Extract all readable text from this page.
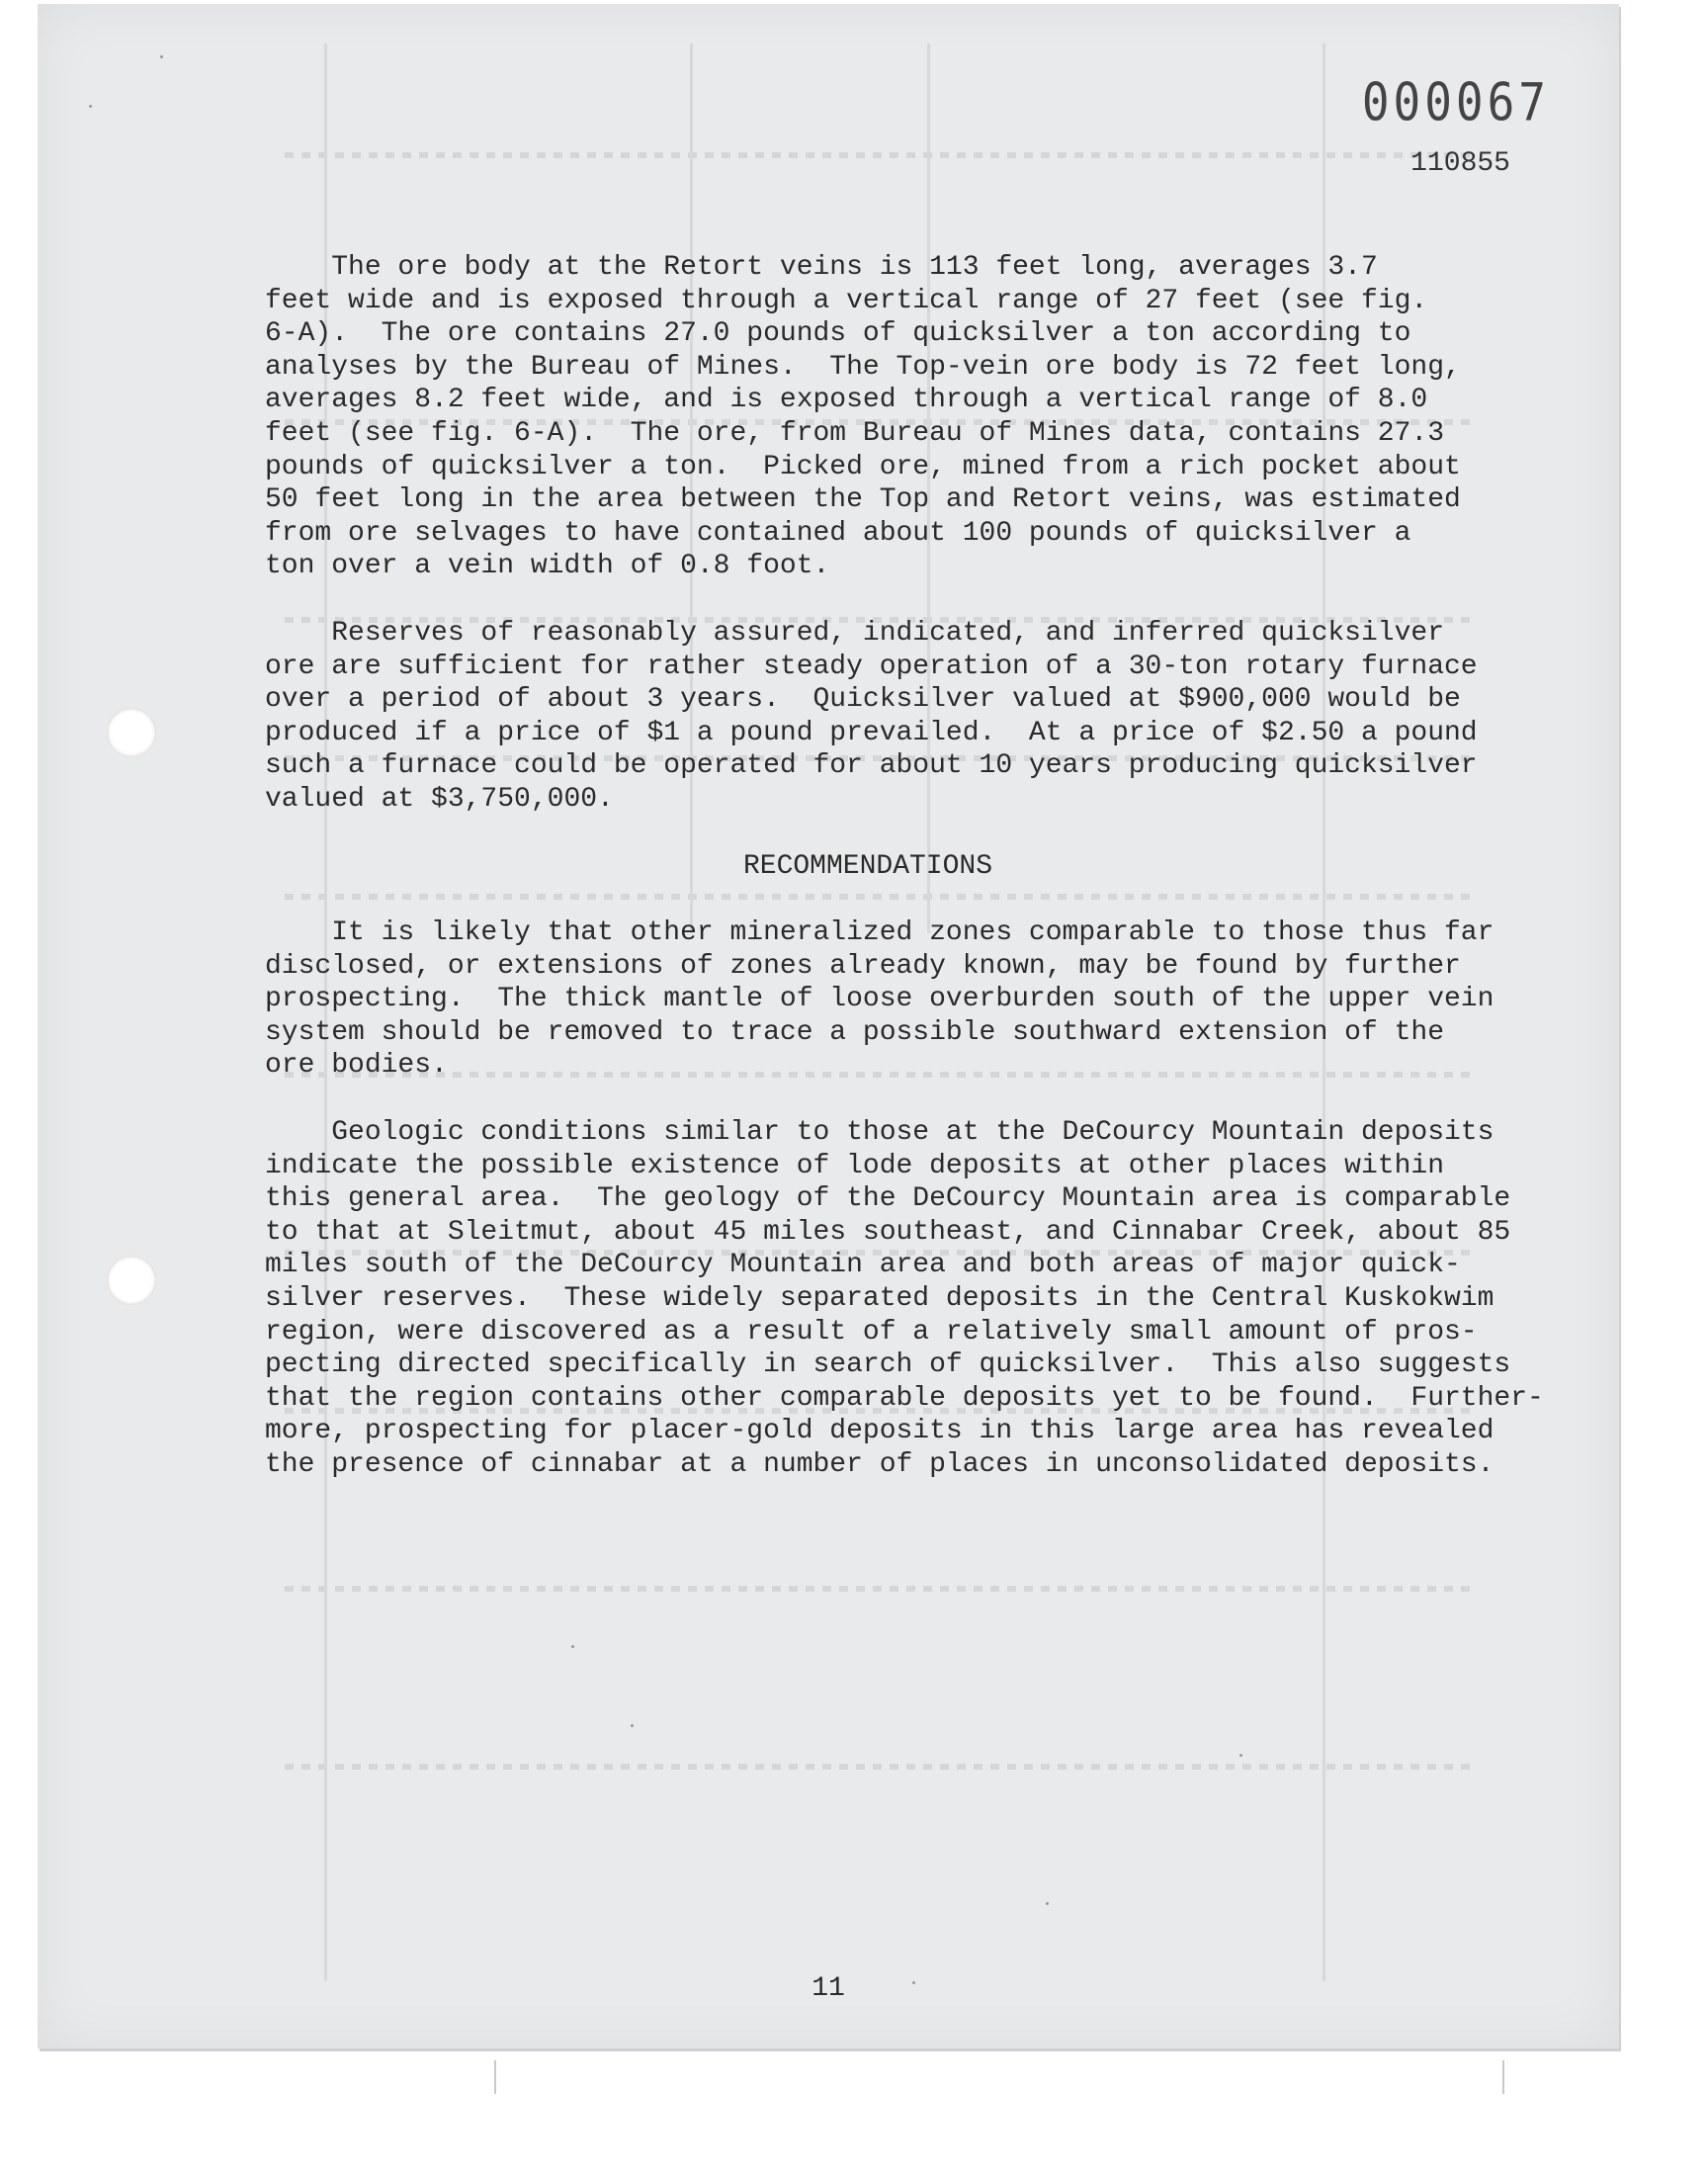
000067
110855

The ore body at the Retort veins is 113 feet long, averages 3.7

feet wide and is exposed through a vertical range of 27 feet (see fig.

6-A).  The ore contains 27.0 pounds of quicksilver a ton according to

analyses by the Bureau of Mines.  The Top-vein ore body is 72 feet long,

averages 8.2 feet wide, and is exposed through a vertical range of 8.0

feet (see fig. 6-A).  The ore, from Bureau of Mines data, contains 27.3

pounds of quicksilver a ton.  Picked ore, mined from a rich pocket about

50 feet long in the area between the Top and Retort veins, was estimated

from ore selvages to have contained about 100 pounds of quicksilver a

ton over a vein width of 0.8 foot.

Reserves of reasonably assured, indicated, and inferred quicksilver

ore are sufficient for rather steady operation of a 30-ton rotary furnace

over a period of about 3 years.  Quicksilver valued at $900,000 would be

produced if a price of $1 a pound prevailed.  At a price of $2.50 a pound

such a furnace could be operated for about 10 years producing quicksilver

valued at $3,750,000.

RECOMMENDATIONS

It is likely that other mineralized zones comparable to those thus far

disclosed, or extensions of zones already known, may be found by further

prospecting.  The thick mantle of loose overburden south of the upper vein

system should be removed to trace a possible southward extension of the

ore bodies.

Geologic conditions similar to those at the DeCourcy Mountain deposits

indicate the possible existence of lode deposits at other places within

this general area.  The geology of the DeCourcy Mountain area is comparable

to that at Sleitmut, about 45 miles southeast, and Cinnabar Creek, about 85

miles south of the DeCourcy Mountain area and both areas of major quick-

silver reserves.  These widely separated deposits in the Central Kuskokwim

region, were discovered as a result of a relatively small amount of pros-

pecting directed specifically in search of quicksilver.  This also suggests

that the region contains other comparable deposits yet to be found.  Further-

more, prospecting for placer-gold deposits in this large area has revealed

the presence of cinnabar at a number of places in unconsolidated deposits.

11
